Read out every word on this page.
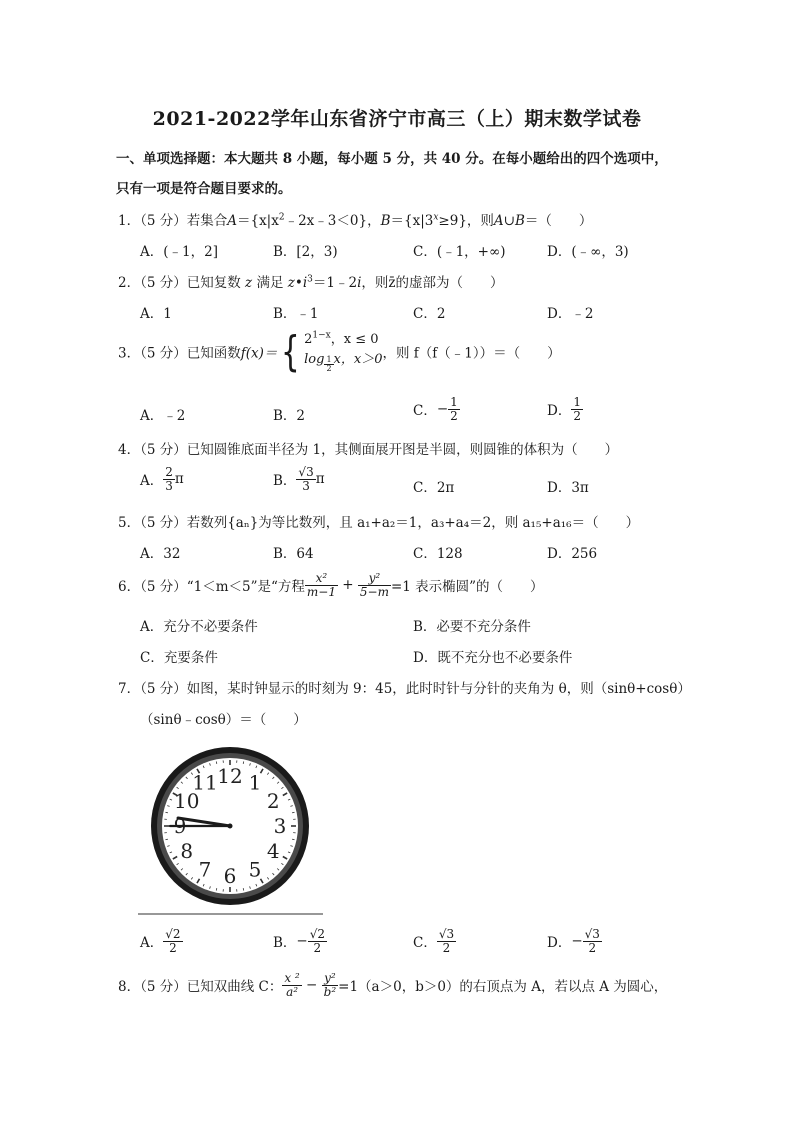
2021-2022学年山东省济宁市高三（上）期末数学试卷
一、单项选择题：本大题共 8 小题，每小题 5 分，共 40 分。在每小题给出的四个选项中，
只有一项是符合题目要求的。
1．（5 分）若集合$A=\{x|x^2﹣2x﹣3<0\}$，$B=\{x|3^x\ge 9\}$，则A∪B＝（　　）
A．(﹣1，2]	B．[2，3)	C．(﹣1，+∞)	D．(﹣∞，3)
2．（5 分）已知复数 z 满足 $z•i^3=1﹣2i$，则z̄的虚部为（　　）
A．1	B．﹣1	C．2	D．﹣2
3．（5 分）已知函数f(x)＝{ $2^{1-x}$，x ≤ 0
log $_{\frac{1}{2}}$ x，x＞0，则 f（f（﹣1））＝（　　）
A．﹣2	B．2	C．− $\frac{1}{2}$	D． $\frac{1}{2}$
4．（5 分）已知圆锥底面半径为 1，其侧面展开图是半圆，则圆锥的体积为（　　）
A． $\frac{2}{3}$ π	B． $\frac{√3}{3}$ π
C．2π	D．3π
5．（5 分）若数列{aₙ}为等比数列，且 a₁+a₂＝1，a₃+a₄＝2，则 a₁₅+a₁₆＝（　　）
A．32	B．64	C．128	D．256
6．（5 分）“1＜m＜5”是“方程 $\frac{\text{x²}}{m-1} + \frac{\text{y²}}{5-m} =1$ 表示椭圆”的（　　）
A．充分不必要条件	B．必要不充分条件
C．充要条件	D．既不充分也不必要条件
7．（5 分）如图，某时钟显示的时刻为 9：45，此时时针与分针的夹角为 θ，则（sinθ+cosθ）
（sinθ﹣cosθ）＝（　　）
12 1
2
3
4
5
6
7
8
9
10
11
A． $\frac{√2}{2}$	B．− $\frac{√2}{2}$	C． $\frac{√3}{2}$	D．− $\frac{√3}{2}$
8．（5 分）已知双曲线 C： $\frac{\text{x ²}}{\text{a²}} - \frac{\text{y²}}{\text{b²}} =1(a>0$，b＞0）的右顶点为 A，若以点 A 为圆心，
